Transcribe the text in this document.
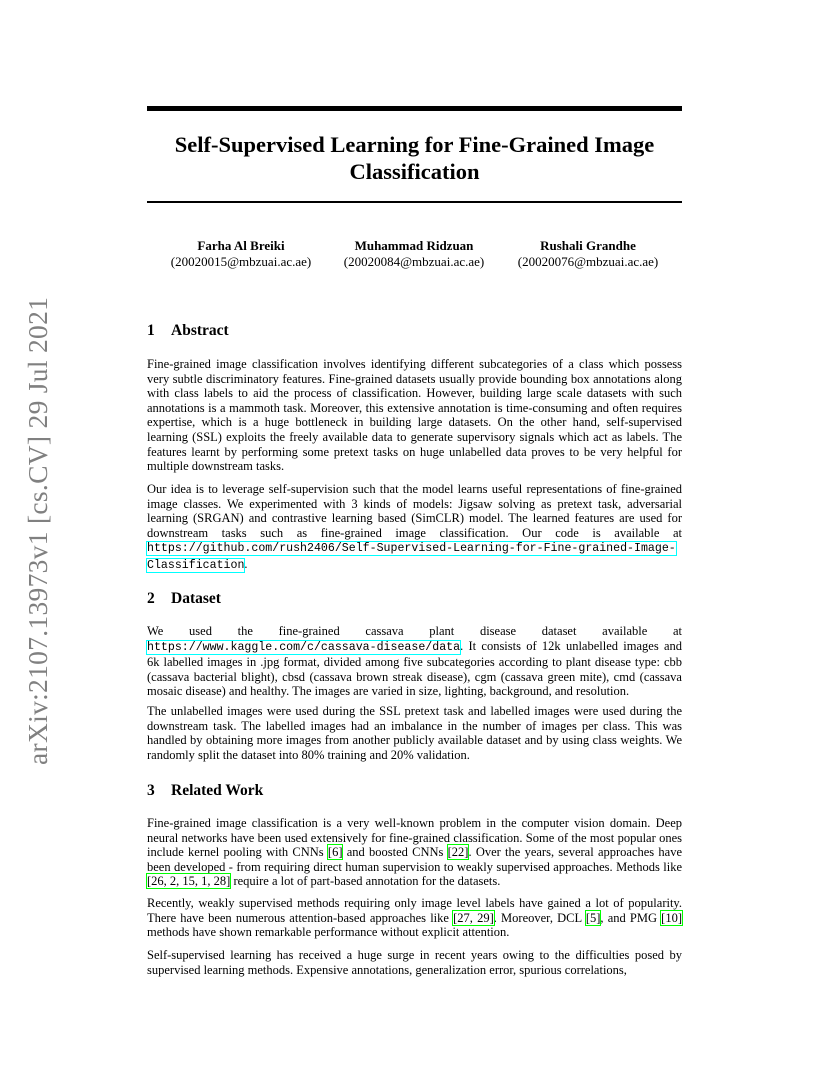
arXiv:2107.13973v1 [cs.CV] 29 Jul 2021
Self-Supervised Learning for Fine-Grained Image Classification
Farha Al Breiki
(20020015@mbzuai.ac.ae)
Muhammad Ridzuan
(20020084@mbzuai.ac.ae)
Rushali Grandhe
(20020076@mbzuai.ac.ae)
1 Abstract

Fine-grained image classification involves identifying different subcategories of a class which possess very subtle discriminatory features. Fine-grained datasets usually provide bounding box annotations along with class labels to aid the process of classification. However, building large scale datasets with such annotations is a mammoth task. Moreover, this extensive annotation is time-consuming and often requires expertise, which is a huge bottleneck in building large datasets. On the other hand, self-supervised learning (SSL) exploits the freely available data to generate supervisory signals which act as labels. The features learnt by performing some pretext tasks on huge unlabelled data proves to be very helpful for multiple downstream tasks.

Our idea is to leverage self-supervision such that the model learns useful representations of fine-grained image classes. We experimented with 3 kinds of models: Jigsaw solving as pretext task, adversarial learning (SRGAN) and contrastive learning based (SimCLR) model. The learned features are used for downstream tasks such as fine-grained image classification. Our code is available at https://github.com/rush2406/Self-Supervised-Learning-for-Fine-grained-Image-Classification.

2 Dataset

We used the fine-grained cassava plant disease dataset available at https://www.kaggle.com/c/cassava-disease/data. It consists of 12k unlabelled images and 6k labelled images in .jpg format, divided among five subcategories according to plant disease type: cbb (cassava bacterial blight), cbsd (cassava brown streak disease), cgm (cassava green mite), cmd (cassava mosaic disease) and healthy. The images are varied in size, lighting, background, and resolution.

The unlabelled images were used during the SSL pretext task and labelled images were used during the downstream task. The labelled images had an imbalance in the number of images per class. This was handled by obtaining more images from another publicly available dataset and by using class weights. We randomly split the dataset into 80% training and 20% validation.

3 Related Work

Fine-grained image classification is a very well-known problem in the computer vision domain. Deep neural networks have been used extensively for fine-grained classification. Some of the most popular ones include kernel pooling with CNNs [6] and boosted CNNs [22]. Over the years, several approaches have been developed - from requiring direct human supervision to weakly supervised approaches. Methods like [26, 2, 15, 1, 28] require a lot of part-based annotation for the datasets.

Recently, weakly supervised methods requiring only image level labels have gained a lot of popularity. There have been numerous attention-based approaches like [27, 29]. Moreover, DCL [5], and PMG [10] methods have shown remarkable performance without explicit attention.

Self-supervised learning has received a huge surge in recent years owing to the difficulties posed by supervised learning methods. Expensive annotations, generalization error, spurious correlations,
